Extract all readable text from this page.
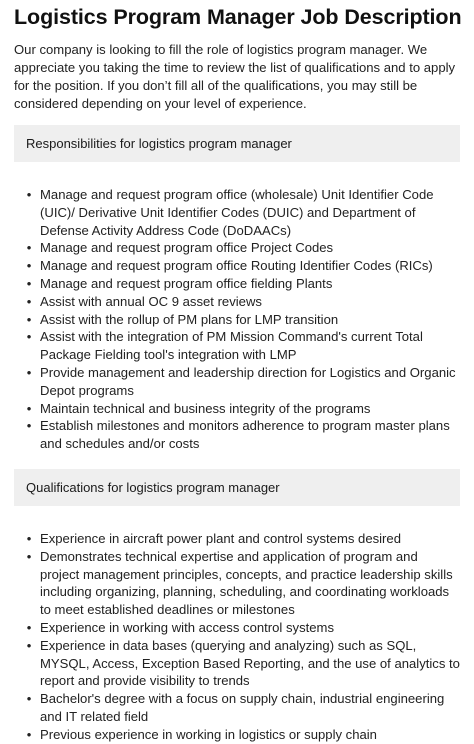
Logistics Program Manager Job Description

Our company is looking to fill the role of logistics program manager. We appreciate you taking the time to review the list of qualifications and to apply for the position. If you don’t fill all of the qualifications, you may still be considered depending on your level of experience.

Responsibilities for logistics program manager
• Manage and request program office (wholesale) Unit Identifier Code (UIC)/ Derivative Unit Identifier Codes (DUIC) and Department of Defense Activity Address Code (DoDAACs)
• Manage and request program office Project Codes
• Manage and request program office Routing Identifier Codes (RICs)
• Manage and request program office fielding Plants
• Assist with annual OC 9 asset reviews
• Assist with the rollup of PM plans for LMP transition
• Assist with the integration of PM Mission Command's current Total Package Fielding tool's integration with LMP
• Provide management and leadership direction for Logistics and Organic Depot programs
• Maintain technical and business integrity of the programs
• Establish milestones and monitors adherence to program master plans and schedules and/or costs
Qualifications for logistics program manager
• Experience in aircraft power plant and control systems desired
• Demonstrates technical expertise and application of program and project management principles, concepts, and practice leadership skills including organizing, planning, scheduling, and coordinating workloads to meet established deadlines or milestones
• Experience in working with access control systems
• Experience in data bases (querying and analyzing) such as SQL, MYSQL, Access, Exception Based Reporting, and the use of analytics to report and provide visibility to trends
• Bachelor's degree with a focus on supply chain, industrial engineering and IT related field
• Previous experience in working in logistics or supply chain
